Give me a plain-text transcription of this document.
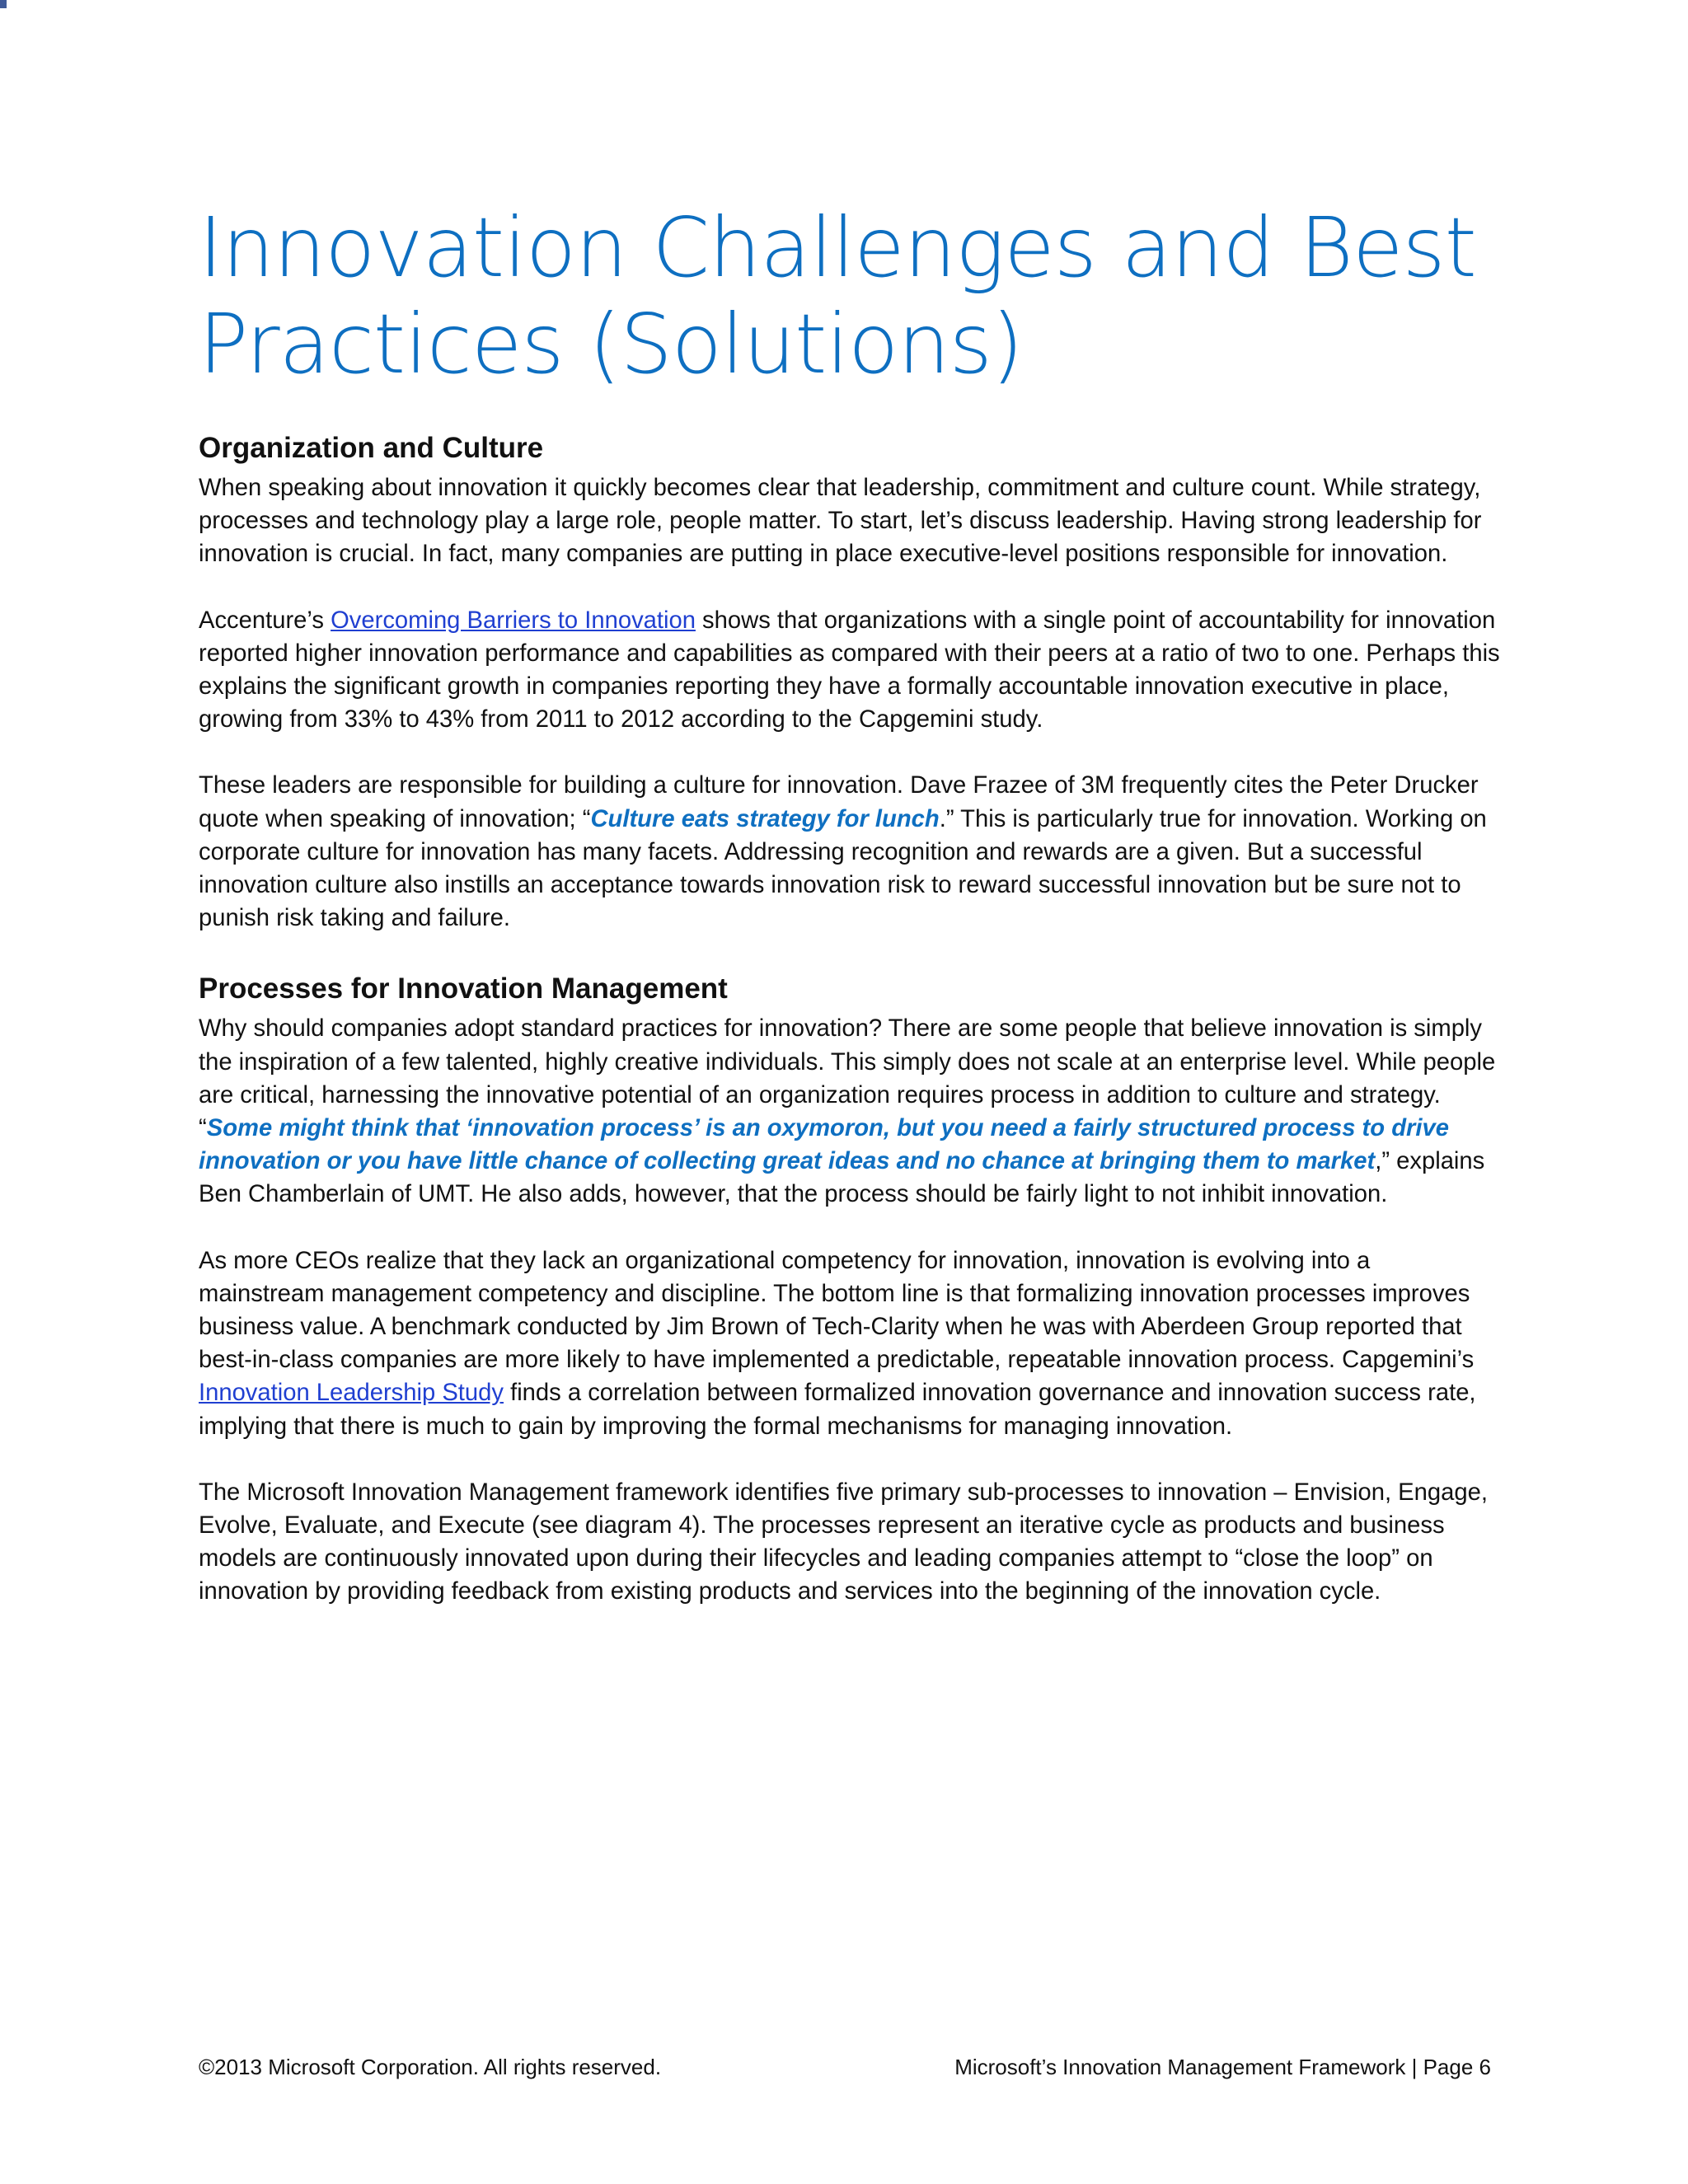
Innovation Challenges and Best Practices (Solutions)
Organization and Culture

When speaking about innovation it quickly becomes clear that leadership, commitment and culture count. While strategy, processes and technology play a large role, people matter. To start, let’s discuss leadership. Having strong leadership for innovation is crucial. In fact, many companies are putting in place executive-level positions responsible for innovation.

Accenture’s Overcoming Barriers to Innovation shows that organizations with a single point of accountability for innovation reported higher innovation performance and capabilities as compared with their peers at a ratio of two to one. Perhaps this explains the significant growth in companies reporting they have a formally accountable innovation executive in place, growing from 33% to 43% from 2011 to 2012 according to the Capgemini study.

These leaders are responsible for building a culture for innovation. Dave Frazee of 3M frequently cites the Peter Drucker quote when speaking of innovation; “Culture eats strategy for lunch.” This is particularly true for innovation. Working on corporate culture for innovation has many facets. Addressing recognition and rewards are a given. But a successful innovation culture also instills an acceptance towards innovation risk to reward successful innovation but be sure not to punish risk taking and failure.

Processes for Innovation Management

Why should companies adopt standard practices for innovation? There are some people that believe innovation is simply the inspiration of a few talented, highly creative individuals. This simply does not scale at an enterprise level. While people are critical, harnessing the innovative potential of an organization requires process in addition to culture and strategy. “Some might think that ‘innovation process’ is an oxymoron, but you need a fairly structured process to drive innovation or you have little chance of collecting great ideas and no chance at bringing them to market,” explains Ben Chamberlain of UMT. He also adds, however, that the process should be fairly light to not inhibit innovation.

As more CEOs realize that they lack an organizational competency for innovation, innovation is evolving into a mainstream management competency and discipline. The bottom line is that formalizing innovation processes improves business value. A benchmark conducted by Jim Brown of Tech-Clarity when he was with Aberdeen Group reported that best-in-class companies are more likely to have implemented a predictable, repeatable innovation process. Capgemini’s Innovation Leadership Study finds a correlation between formalized innovation governance and innovation success rate, implying that there is much to gain by improving the formal mechanisms for managing innovation.

The Microsoft Innovation Management framework identifies five primary sub-processes to innovation – Envision, Engage, Evolve, Evaluate, and Execute (see diagram 4). The processes represent an iterative cycle as products and business models are continuously innovated upon during their lifecycles and leading companies attempt to “close the loop” on innovation by providing feedback from existing products and services into the beginning of the innovation cycle.

©2013 Microsoft Corporation. All rights reserved.	Microsoft’s Innovation Management Framework | Page 6
